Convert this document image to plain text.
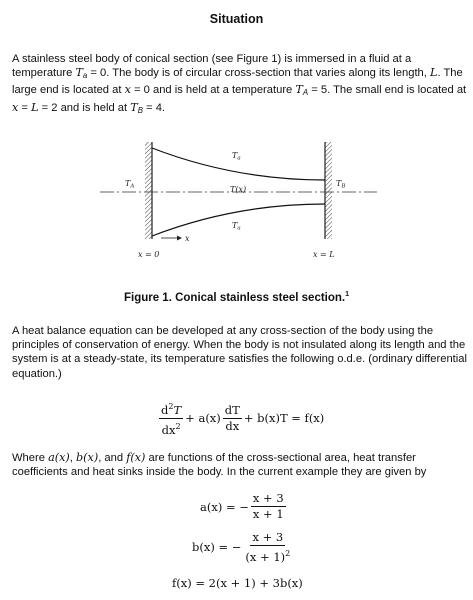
Situation
A stainless steel body of conical section (see Figure 1) is immersed in a fluid at a temperature $T_a = 0$. The body is of circular cross-section that varies along its length, L. The large end is located at x = 0 and is held at a temperature $T_A = 5$. The small end is located at x = L = 2 and is held at $T_B = 4$.
TA	TB
Ta
T(x)
Ta
x
x = 0	x = L
Figure 1. Conical stainless steel section.$^1$
A heat balance equation can be developed at any cross-section of the body using the principles of conservation of energy. When the body is not insulated along its length and the system is at a steady-state, its temperature satisfies the following o.d.e. (ordinary differential equation.)
$\frac{d^2T}{dx^2} + a(x) \frac{dT}{dx} + b(x)T = f(x)$
Where a(x), b(x), and f(x) are functions of the cross-sectional area, heat transfer coefficients and heat sinks inside the body. In the current example they are given by
a(x) = − $\frac{x + 3}{x + 1}$
b(x) = − $\frac{x + 3}{(x + 1)^2}$
f(x) = 2(x + 1) + 3b(x)
